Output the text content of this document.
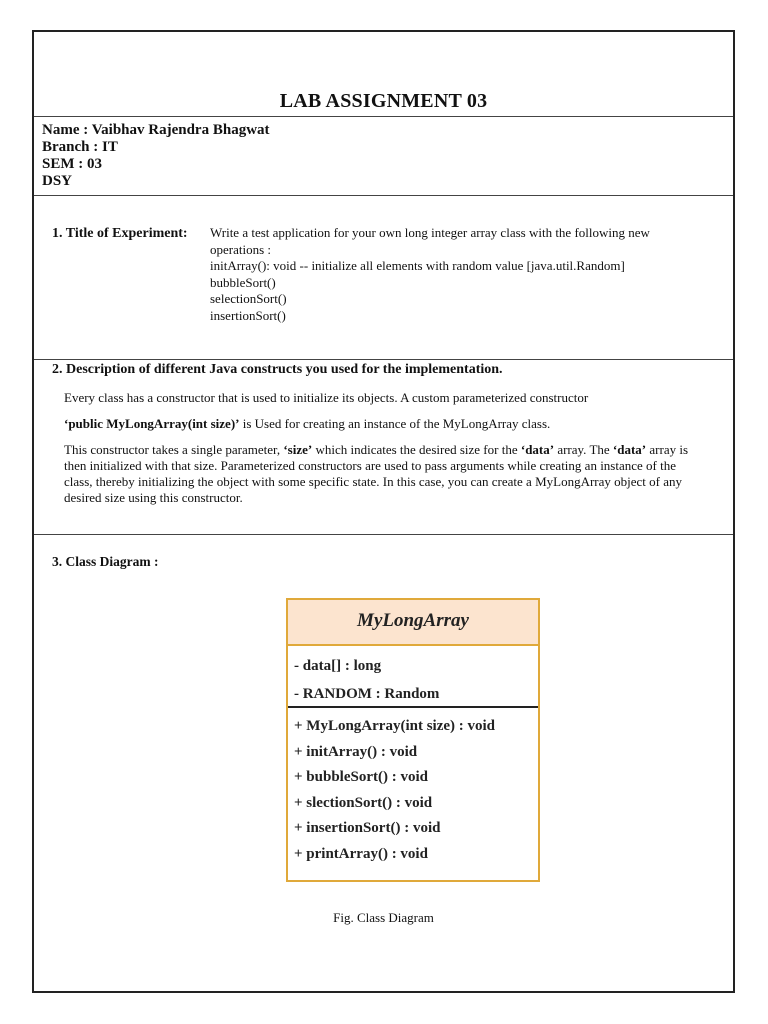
LAB ASSIGNMENT 03
Name : Vaibhav Rajendra Bhagwat
Branch : IT
SEM : 03
DSY
1. Title of Experiment: Write a test application for your own long integer array class with the following new
operations :
initArray(): void -- initialize all elements with random value [java.util.Random]
bubbleSort()
selectionSort()
insertionSort()
2. Description of different Java constructs you used for the implementation.
Every class has a constructor that is used to initialize its objects. A custom parameterized constructor
‘public MyLongArray(int size)’ is Used for creating an instance of the MyLongArray class.
This constructor takes a single parameter, ‘size’ which indicates the desired size for the ‘data’ array. The ‘data’ array is then initialized with that size. Parameterized constructors are used to pass arguments while creating an instance of the class, thereby initializing the object with some specific state. In this case, you can create a MyLongArray object of any desired size using this constructor.
3. Class Diagram :
MyLongArray
- data[] : long
- RANDOM : Random
+ MyLongArray(int size) : void
+ initArray() : void
+ bubbleSort() : void
+ slectionSort() : void
+ insertionSort() : void
+ printArray() : void
Fig. Class Diagram
